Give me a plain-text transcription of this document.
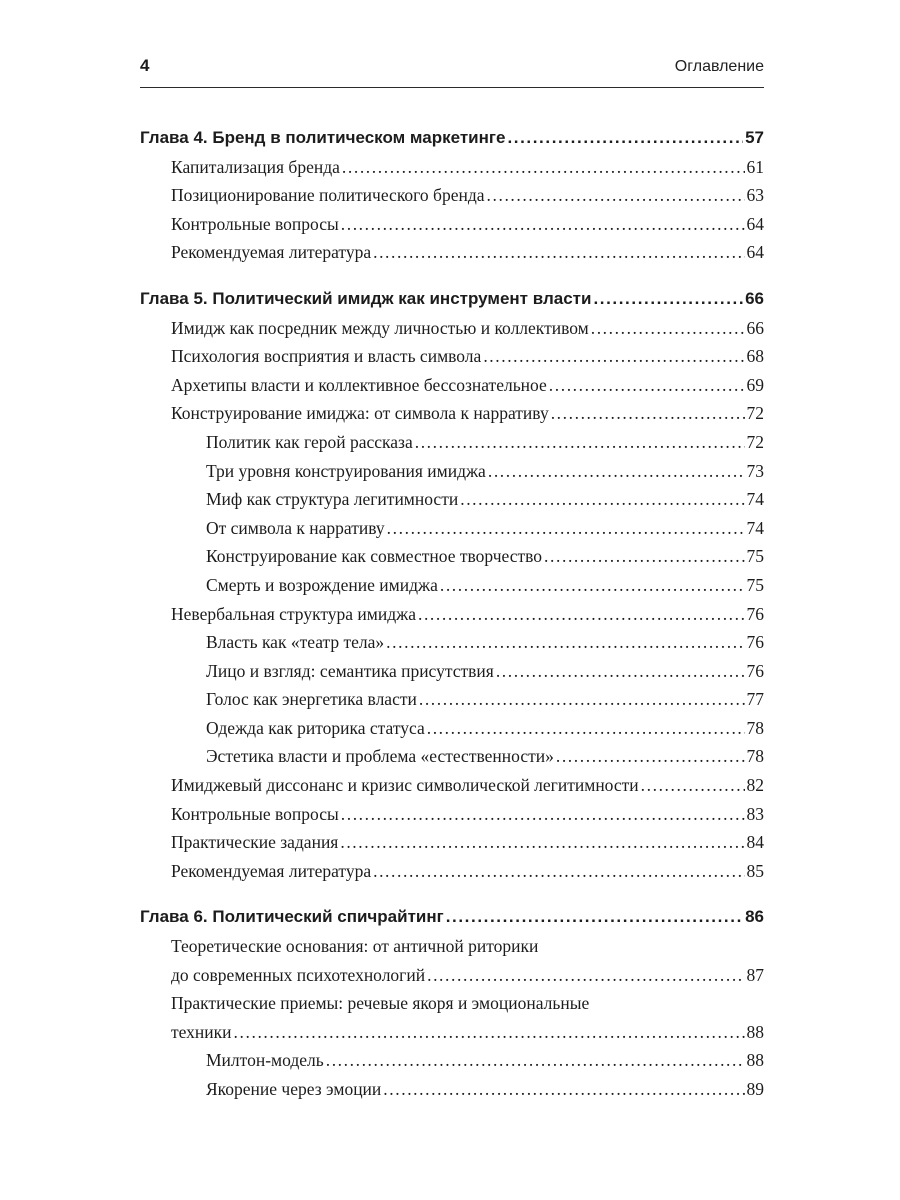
4	Оглавление
Глава 4. Бренд в политическом маркетинге .....	57
Капитализация бренда .....	61
Позиционирование политического бренда .....	63
Контрольные вопросы .....	64
Рекомендуемая литература .....	64
Глава 5. Политический имидж как инструмент власти .....	66
Имидж как посредник между личностью и коллективом .....	66
Психология восприятия и власть символа .....	68
Архетипы власти и коллективное бессознательное .....	69
Конструирование имиджа: от символа к нарративу .....	72
Политик как герой рассказа .....	72
Три уровня конструирования имиджа .....	73
Миф как структура легитимности .....	74
От символа к нарративу .....	74
Конструирование как совместное творчество .....	75
Смерть и возрождение имиджа .....	75
Невербальная структура имиджа .....	76
Власть как «театр тела» .....	76
Лицо и взгляд: семантика присутствия .....	76
Голос как энергетика власти .....	77
Одежда как риторика статуса .....	78
Эстетика власти и проблема «естественности» .....	78
Имиджевый диссонанс и кризис символической легитимности .....	82
Контрольные вопросы .....	83
Практические задания .....	84
Рекомендуемая литература .....	85
Глава 6. Политический спичрайтинг .....	86
Теоретические основания: от античной риторики
до современных психотехнологий .....	87
Практические приемы: речевые якоря и эмоциональные
техники .....	88
Милтон-модель .....	88
Якорение через эмоции .....	89
